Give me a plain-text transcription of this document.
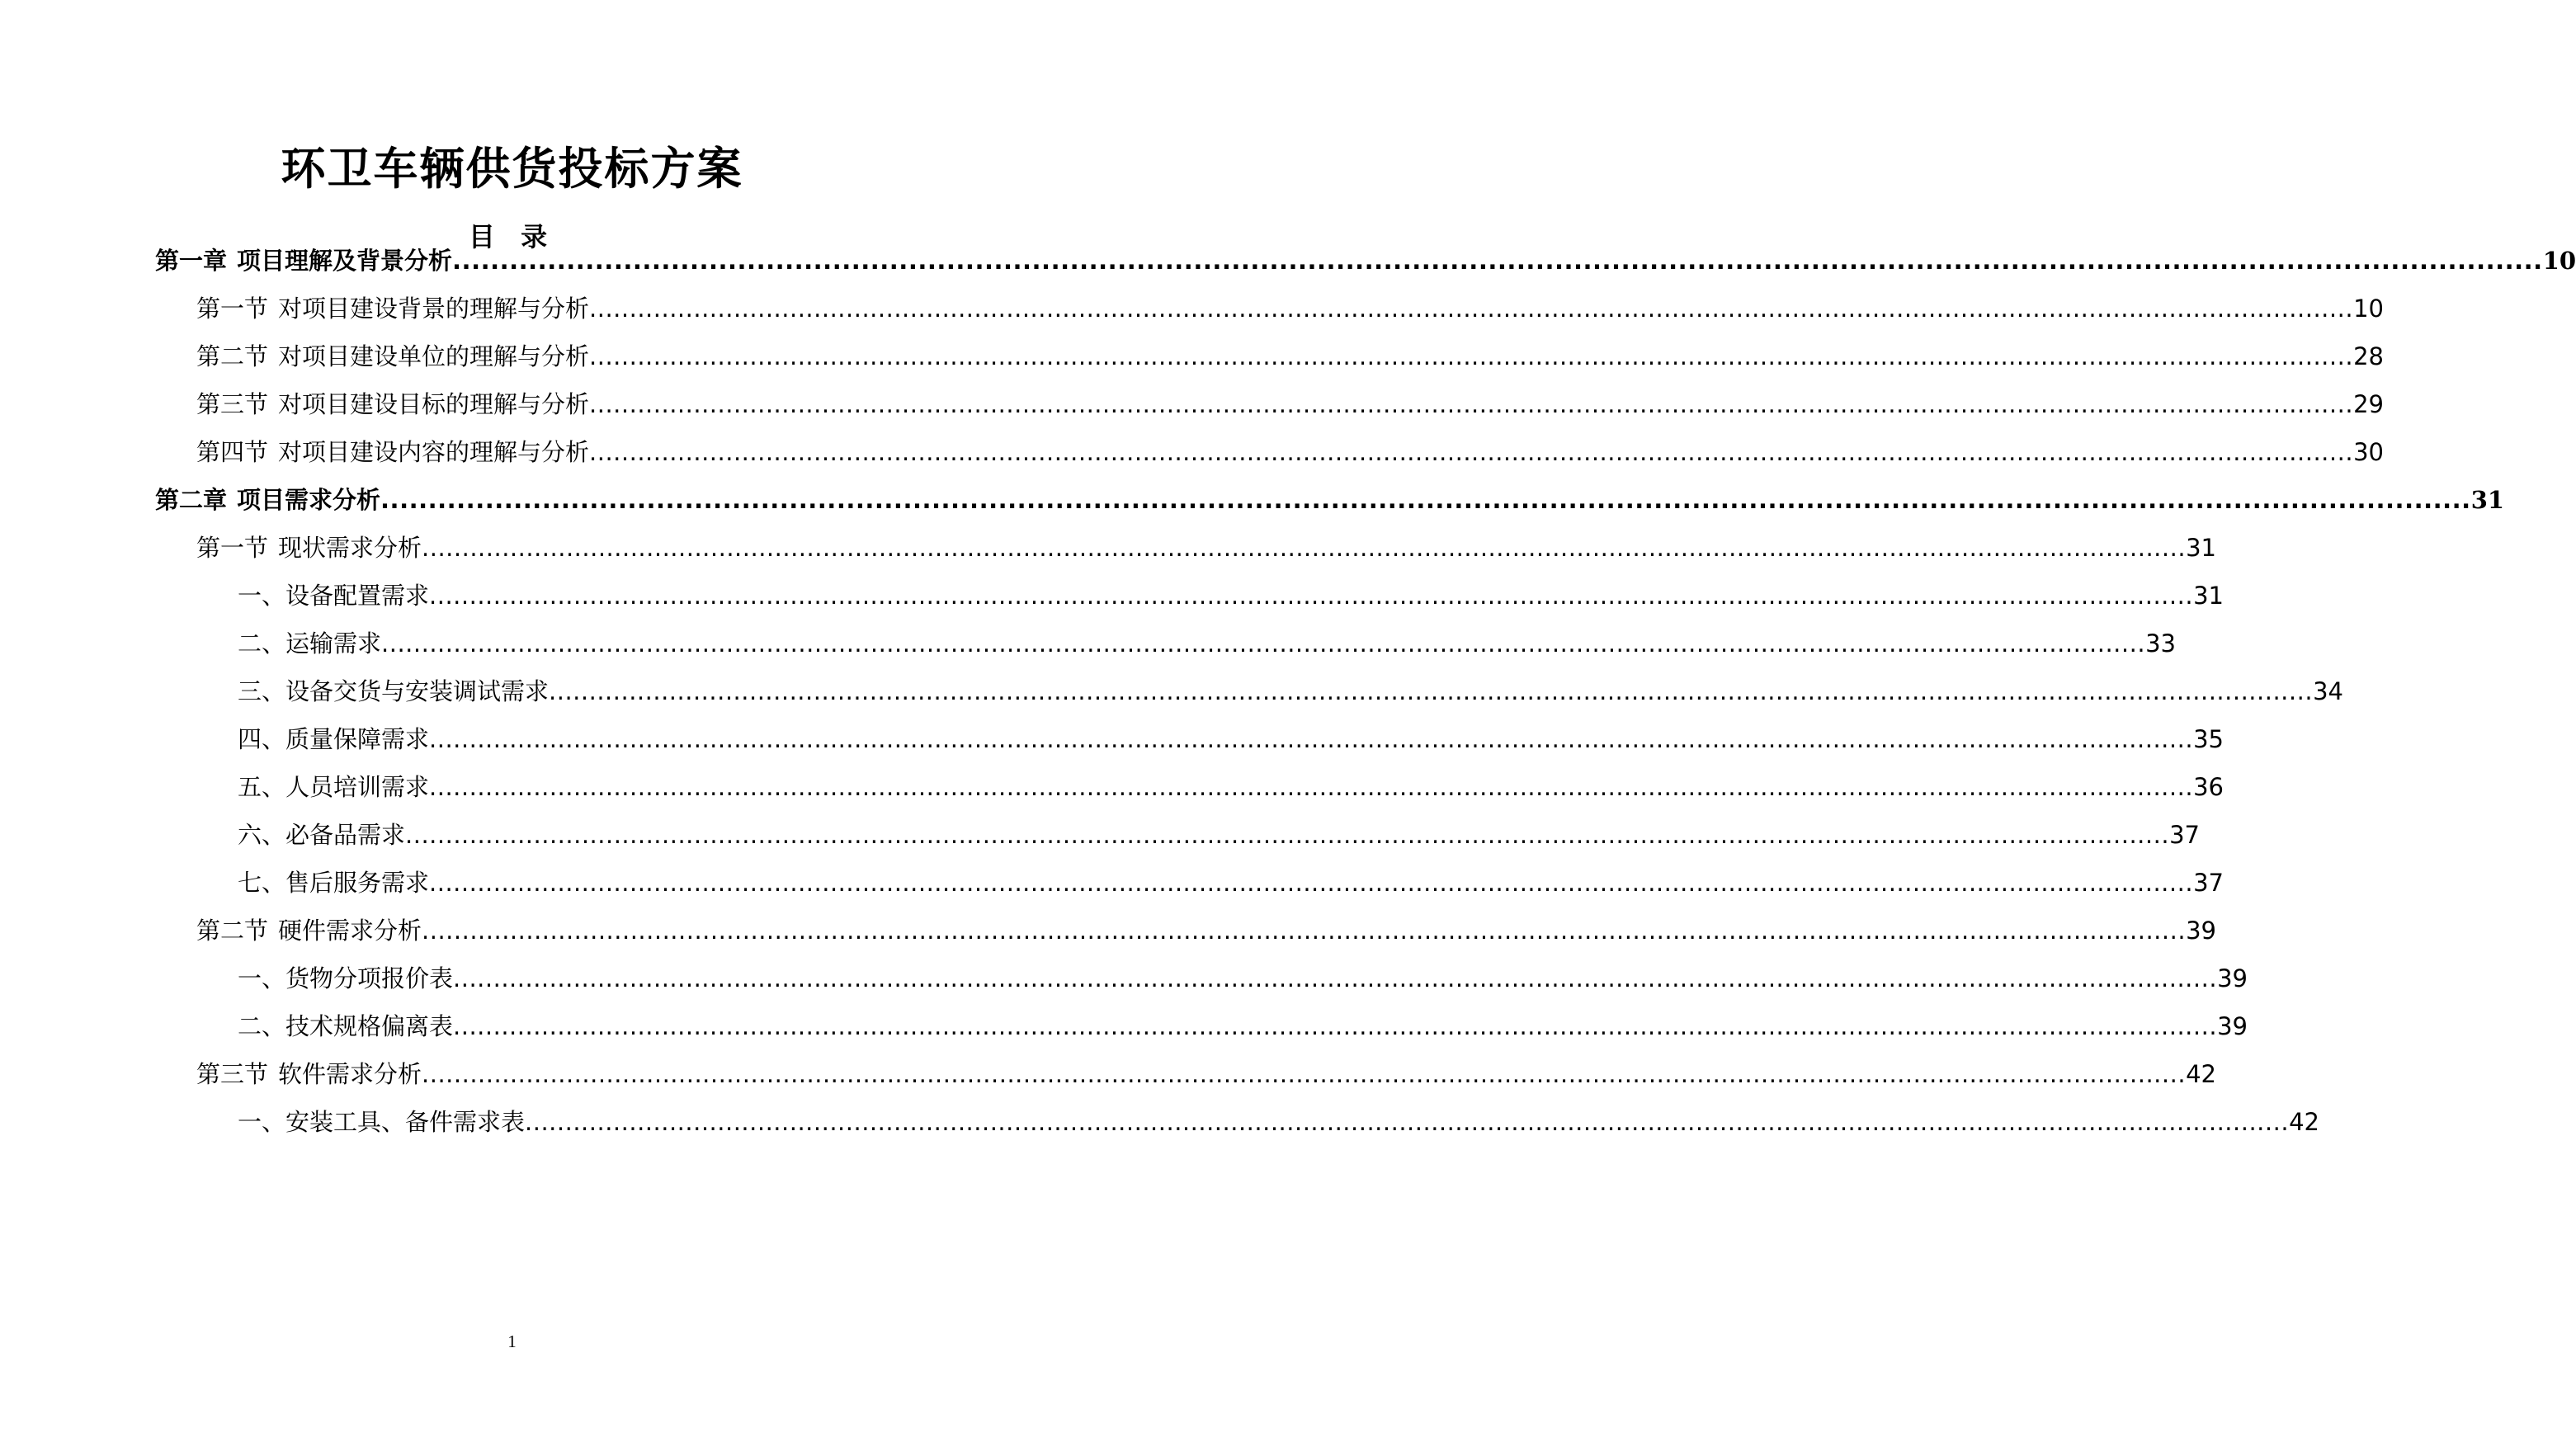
环卫车辆供货投标方案
目 录
第一章 项目理解及背景分析 ............................................................................................................................................................................................................................ 10
第一节 对项目建设背景的理解与分析 ............................................................................................................................................................................................................................ 10
第二节 对项目建设单位的理解与分析 ............................................................................................................................................................................................................................ 28
第三节 对项目建设目标的理解与分析 ............................................................................................................................................................................................................................ 29
第四节 对项目建设内容的理解与分析 ............................................................................................................................................................................................................................ 30
第二章 项目需求分析 ............................................................................................................................................................................................................................ 31
第一节 现状需求分析 ............................................................................................................................................................................................................................ 31
一、设备配置需求 ............................................................................................................................................................................................................................ 31
二、运输需求 ............................................................................................................................................................................................................................ 33
三、设备交货与安装调试需求 ............................................................................................................................................................................................................................ 34
四、质量保障需求 ............................................................................................................................................................................................................................ 35
五、人员培训需求 ............................................................................................................................................................................................................................ 36
六、必备品需求 ............................................................................................................................................................................................................................ 37
七、售后服务需求 ............................................................................................................................................................................................................................ 37
第二节 硬件需求分析 ............................................................................................................................................................................................................................ 39
一、货物分项报价表 ............................................................................................................................................................................................................................ 39
二、技术规格偏离表 ............................................................................................................................................................................................................................ 39
第三节 软件需求分析 ............................................................................................................................................................................................................................ 42
一、安装工具、备件需求表 ............................................................................................................................................................................................................................ 42
1
